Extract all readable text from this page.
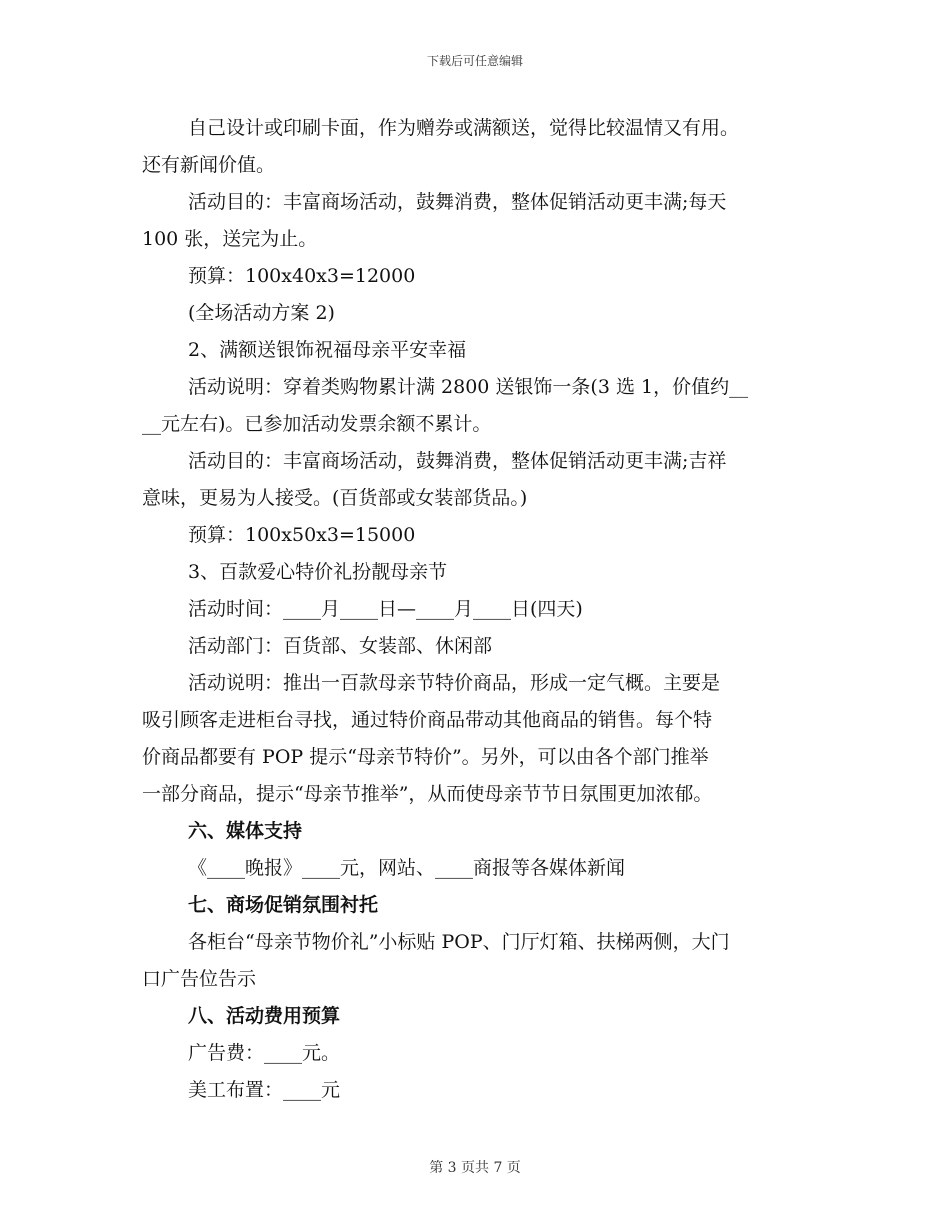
下载后可任意编辑
自己设计或印刷卡面，作为赠券或满额送，觉得比较温情又有用。
还有新闻价值。
活动目的：丰富商场活动，鼓舞消费，整体促销活动更丰满;每天
100 张，送完为止。
预算：100x40x3=12000
(全场活动方案 2)
2、满额送银饰祝福母亲平安幸福
活动说明：穿着类购物累计满 2800 送银饰一条(3 选 1，价值约__
__元左右)。已参加活动发票余额不累计。
活动目的：丰富商场活动，鼓舞消费，整体促销活动更丰满;吉祥
意味，更易为人接受。(百货部或女装部货品。)
预算：100x50x3=15000
3、百款爱心特价礼扮靓母亲节
活动时间：____月____日—____月____日(四天)
活动部门：百货部、女装部、休闲部
活动说明：推出一百款母亲节特价商品，形成一定气概。主要是
吸引顾客走进柜台寻找，通过特价商品带动其他商品的销售。每个特
价商品都要有 POP 提示“母亲节特价”。另外，可以由各个部门推举
一部分商品，提示“母亲节推举”，从而使母亲节节日氛围更加浓郁。
六、媒体支持
《____晚报》____元，网站、____商报等各媒体新闻
七、商场促销氛围衬托
各柜台“母亲节物价礼”小标贴 POP、门厅灯箱、扶梯两侧，大门
口广告位告示
八、活动费用预算
广告费：____元。
美工布置：____元
第 3 页共 7 页
